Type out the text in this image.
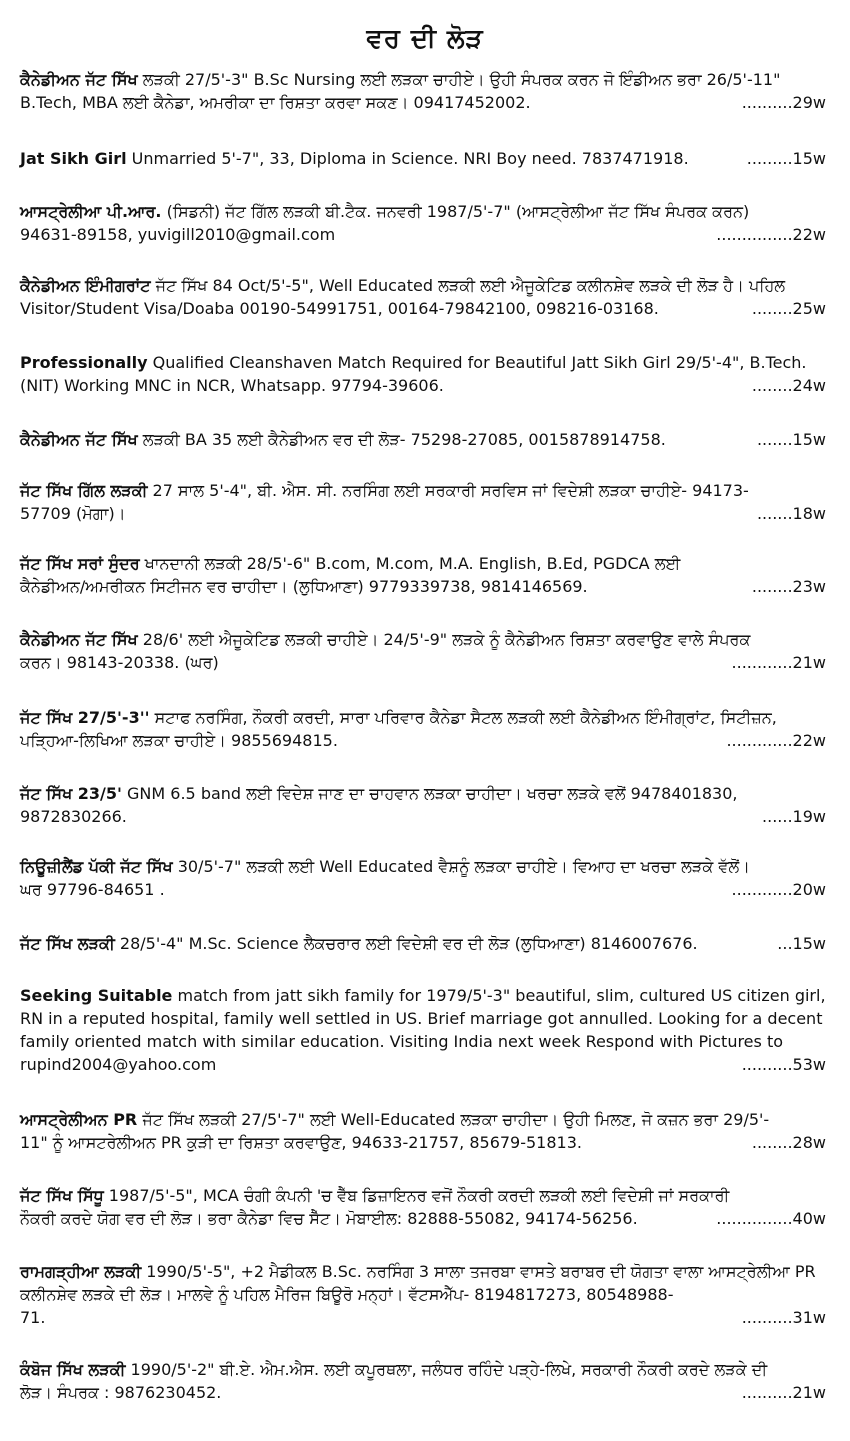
ਵਰ ਦੀ ਲੋੜ

ਕੈਨੇਡੀਅਨ ਜੱਟ ਸਿੱਖ ਲੜਕੀ 27/5'-3" B.Sc Nursing ਲਈ ਲੜਕਾ ਚਾਹੀਏ। ਉਹੀ ਸੰਪਰਕ ਕਰਨ ਜੋ ਇੰਡੀਅਨ ਭਰਾ 26/5'-11"

B.Tech, MBA ਲਈ ਕੈਨੇਡਾ, ਅਮਰੀਕਾ ਦਾ ਰਿਸ਼ਤਾ ਕਰਵਾ ਸਕਣ। 09417452002.	..........29w

Jat Sikh Girl Unmarried 5'-7", 33, Diploma in Science. NRI Boy need. 7837471918.	.........15w

ਆਸਟ੍ਰੇਲੀਆ ਪੀ.ਆਰ. (ਸਿਡਨੀ) ਜੱਟ ਗਿੱਲ ਲੜਕੀ ਬੀ.ਟੈਕ. ਜਨਵਰੀ 1987/5'-7" (ਆਸਟ੍ਰੇਲੀਆ ਜੱਟ ਸਿੱਖ ਸੰਪਰਕ ਕਰਨ)

94631-89158, yuvigill2010@gmail.com	...............22w

ਕੈਨੇਡੀਅਨ ਇੰਮੀਗਰਾਂਟ ਜੱਟ ਸਿੱਖ 84 Oct/5'-5", Well Educated ਲੜਕੀ ਲਈ ਐਜੂਕੇਟਿਡ ਕਲੀਨਸ਼ੇਵ ਲੜਕੇ ਦੀ ਲੋੜ ਹੈ। ਪਹਿਲ

Visitor/Student Visa/Doaba 00190-54991751, 00164-79842100, 098216-03168.	........25w

Professionally Qualified Cleanshaven Match Required for Beautiful Jatt Sikh Girl 29/5'-4", B.Tech.

(NIT) Working MNC in NCR, Whatsapp. 97794-39606.	........24w

ਕੈਨੇਡੀਅਨ ਜੱਟ ਸਿੱਖ ਲੜਕੀ BA 35 ਲਈ ਕੈਨੇਡੀਅਨ ਵਰ ਦੀ ਲੋੜ- 75298-27085, 0015878914758.	.......15w

ਜੱਟ ਸਿੱਖ ਗਿੱਲ ਲੜਕੀ 27 ਸਾਲ 5'-4", ਬੀ. ਐਸ. ਸੀ. ਨਰਸਿੰਗ ਲਈ ਸਰਕਾਰੀ ਸਰਵਿਸ ਜਾਂ ਵਿਦੇਸ਼ੀ ਲੜਕਾ ਚਾਹੀਏ- 94173-

57709 (ਮੋਗਾ)।	.......18w

ਜੱਟ ਸਿੱਖ ਸਰਾਂ ਸੁੰਦਰ ਖਾਨਦਾਨੀ ਲੜਕੀ 28/5'-6" B.com, M.com, M.A. English, B.Ed, PGDCA ਲਈ

ਕੈਨੇਡੀਅਨ/ਅਮਰੀਕਨ ਸਿਟੀਜਨ ਵਰ ਚਾਹੀਦਾ। (ਲੁਧਿਆਣਾ) 9779339738, 9814146569.	........23w

ਕੈਨੇਡੀਅਨ ਜੱਟ ਸਿੱਖ 28/6' ਲਈ ਐਜੂਕੇਟਿਡ ਲੜਕੀ ਚਾਹੀਏ। 24/5'-9" ਲੜਕੇ ਨੂੰ ਕੈਨੇਡੀਅਨ ਰਿਸ਼ਤਾ ਕਰਵਾਉਣ ਵਾਲੇ ਸੰਪਰਕ

ਕਰਨ। 98143-20338. (ਘਰ)	............21w

ਜੱਟ ਸਿੱਖ 27/5'-3'' ਸਟਾਫ ਨਰਸਿੰਗ, ਨੌਕਰੀ ਕਰਦੀ, ਸਾਰਾ ਪਰਿਵਾਰ ਕੈਨੇਡਾ ਸੈਟਲ ਲੜਕੀ ਲਈ ਕੈਨੇਡੀਅਨ ਇੰਮੀਗ੍ਰਾਂਟ, ਸਿਟੀਜ਼ਨ,

ਪੜ੍ਹਿਆ-ਲਿਖਿਆ ਲੜਕਾ ਚਾਹੀਏ। 9855694815.	.............22w

ਜੱਟ ਸਿੱਖ 23/5' GNM 6.5 band ਲਈ ਵਿਦੇਸ਼ ਜਾਣ ਦਾ ਚਾਹਵਾਨ ਲੜਕਾ ਚਾਹੀਦਾ। ਖਰਚਾ ਲੜਕੇ ਵਲੋਂ 9478401830,

9872830266.	......19w

ਨਿਊਜ਼ੀਲੈਂਡ ਪੱਕੀ ਜੱਟ ਸਿੱਖ 30/5'-7" ਲੜਕੀ ਲਈ Well Educated ਵੈਸ਼ਨੂੰ ਲੜਕਾ ਚਾਹੀਏ। ਵਿਆਹ ਦਾ ਖਰਚਾ ਲੜਕੇ ਵੱਲੋਂ।

ਘਰ 97796-84651 .	............20w

ਜੱਟ ਸਿੱਖ ਲੜਕੀ 28/5'-4" M.Sc. Science ਲੈਕਚਰਾਰ ਲਈ ਵਿਦੇਸ਼ੀ ਵਰ ਦੀ ਲੋੜ (ਲੁਧਿਆਣਾ) 8146007676.	...15w

Seeking Suitable match from jatt sikh family for 1979/5'-3" beautiful, slim, cultured US citizen girl, RN in a reputed hospital, family well settled in US. Brief marriage got annulled. Looking for a decent family oriented match with similar education. Visiting India next week Respond with Pictures to

rupind2004@yahoo.com	..........53w

ਆਸਟ੍ਰੇਲੀਅਨ PR ਜੱਟ ਸਿੱਖ ਲੜਕੀ 27/5'-7" ਲਈ Well-Educated ਲੜਕਾ ਚਾਹੀਦਾ। ਉਹੀ ਮਿਲਣ, ਜੋ ਕਜ਼ਨ ਭਰਾ 29/5'-

11" ਨੂੰ ਆਸਟਰੇਲੀਅਨ PR ਕੁੜੀ ਦਾ ਰਿਸ਼ਤਾ ਕਰਵਾਉਣ, 94633-21757, 85679-51813.	........28w

ਜੱਟ ਸਿੱਖ ਸਿੱਧੂ 1987/5'-5", MCA ਚੰਗੀ ਕੰਪਨੀ 'ਚ ਵੈੱਬ ਡਿਜ਼ਾਇਨਰ ਵਜੋਂ ਨੌਕਰੀ ਕਰਦੀ ਲੜਕੀ ਲਈ ਵਿਦੇਸ਼ੀ ਜਾਂ ਸਰਕਾਰੀ

ਨੌਕਰੀ ਕਰਦੇ ਯੋਗ ਵਰ ਦੀ ਲੋੜ। ਭਰਾ ਕੈਨੇਡਾ ਵਿਚ ਸੈੱਟ। ਮੋਬਾਈਲ: 82888-55082, 94174-56256.	...............40w

ਰਾਮਗੜ੍ਹੀਆ ਲੜਕੀ 1990/5'-5", +2 ਮੈਡੀਕਲ B.Sc. ਨਰਸਿੰਗ 3 ਸਾਲਾ ਤਜਰਬਾ ਵਾਸਤੇ ਬਰਾਬਰ ਦੀ ਯੋਗਤਾ ਵਾਲਾ ਆਸਟ੍ਰੇਲੀਆ PR ਕਲੀਨਸ਼ੇਵ ਲੜਕੇ ਦੀ ਲੋੜ। ਮਾਲਵੇ ਨੂੰ ਪਹਿਲ ਮੈਰਿਜ ਬਿਊਰੋ ਮਨ੍ਹਾਂ। ਵੱਟਸਐੱਪ- 8194817273, 80548988-

71.	..........31w

ਕੰਬੋਜ ਸਿੱਖ ਲੜਕੀ 1990/5'-2" ਬੀ.ਏ. ਐਮ.ਐਸ. ਲਈ ਕਪੂਰਥਲਾ, ਜਲੰਧਰ ਰਹਿੰਦੇ ਪੜ੍ਹੇ-ਲਿਖੇ, ਸਰਕਾਰੀ ਨੌਕਰੀ ਕਰਦੇ ਲੜਕੇ ਦੀ

ਲੋੜ। ਸੰਪਰਕ : 9876230452.	..........21w
